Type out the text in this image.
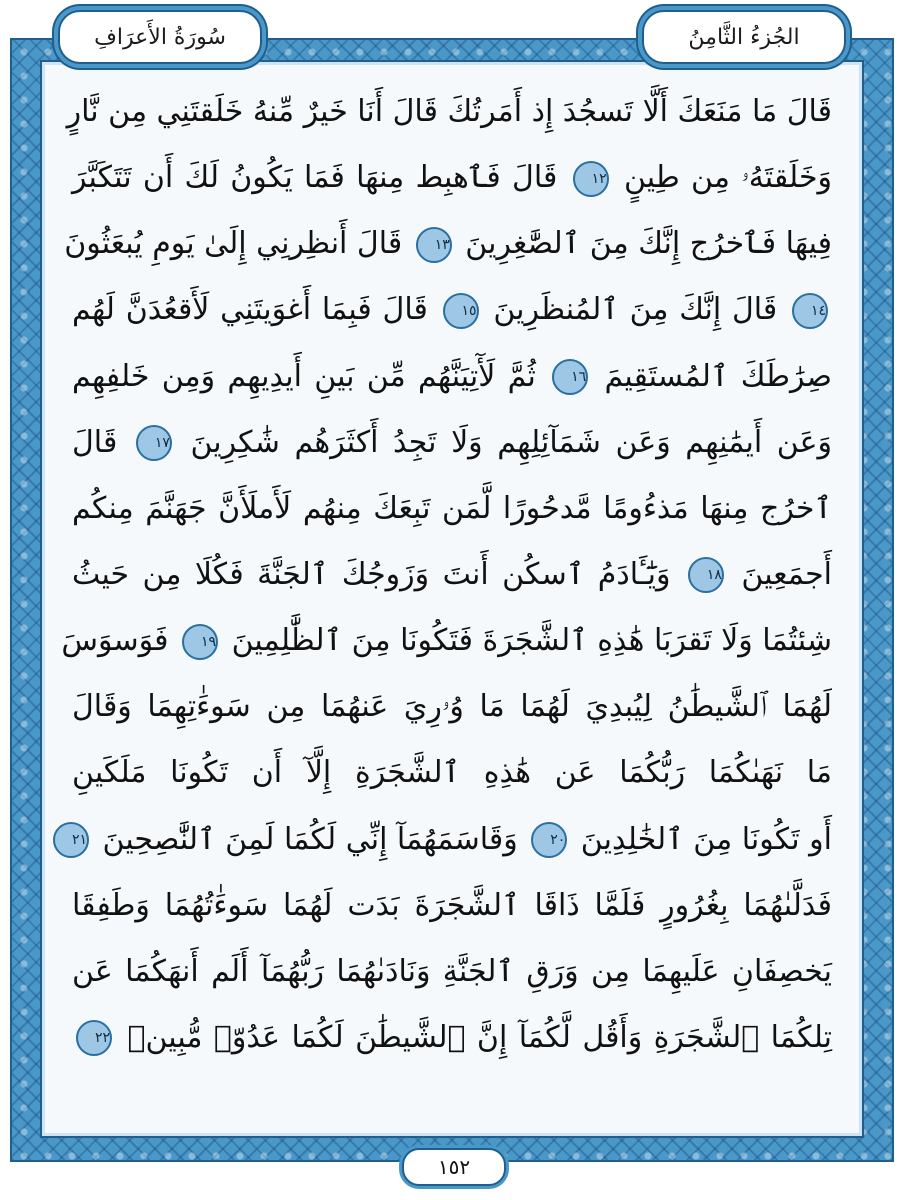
الجُزءُ الثَّامِنُ
سُورَةُ الأَعرَافِ
قَالَ مَا مَنَعَكَ أَلَّا تَسجُدَ إِذ أَمَرتُكَ قَالَ أَنَا خَيرٌ مِّنهُ خَلَقتَنِي مِن نَّارٍ
وَخَلَقتَهُۥ مِن طِينٍ ١٢ قَالَ فَٱهبِط مِنهَا فَمَا يَكُونُ لَكَ أَن تَتَكَبَّرَ
فِيهَا فَٱخرُج إِنَّكَ مِنَ ٱلصَّٰغِرِينَ ١٣ قَالَ أَنظِرنِي إِلَىٰ يَومِ يُبعَثُونَ
١٤ قَالَ إِنَّكَ مِنَ ٱلمُنظَرِينَ ١٥ قَالَ فَبِمَا أَغوَيتَنِي لَأَقعُدَنَّ لَهُم
صِرَٰطَكَ ٱلمُستَقِيمَ ١٦ ثُمَّ لَأٓتِيَنَّهُم مِّن بَينِ أَيدِيهِم وَمِن خَلفِهِم
وَعَن أَيمَٰنِهِم وَعَن شَمَآئِلِهِم وَلَا تَجِدُ أَكثَرَهُم شَٰكِرِينَ ١٧ قَالَ
ٱخرُج مِنهَا مَذءُومًا مَّدحُورًا لَّمَن تَبِعَكَ مِنهُم لَأَملَأَنَّ جَهَنَّمَ مِنكُم
أَجمَعِينَ ١٨ وَيَٰٓـَٔادَمُ ٱسكُن أَنتَ وَزَوجُكَ ٱلجَنَّةَ فَكُلَا مِن حَيثُ
شِئتُمَا وَلَا تَقرَبَا هَٰذِهِ ٱلشَّجَرَةَ فَتَكُونَا مِنَ ٱلظَّٰلِمِينَ ١٩ فَوَسوَسَ
لَهُمَا ٱلشَّيطَٰنُ لِيُبدِيَ لَهُمَا مَا وُۥرِيَ عَنهُمَا مِن سَوءَٰتِهِمَا وَقَالَ
مَا نَهَىٰكُمَا رَبُّكُمَا عَن هَٰذِهِ ٱلشَّجَرَةِ إِلَّآ أَن تَكُونَا مَلَكَينِ
أَو تَكُونَا مِنَ ٱلخَٰلِدِينَ ٢٠ وَقَاسَمَهُمَآ إِنِّي لَكُمَا لَمِنَ ٱلنَّٰصِحِينَ ٢١
فَدَلَّىٰهُمَا بِغُرُورٍ فَلَمَّا ذَاقَا ٱلشَّجَرَةَ بَدَت لَهُمَا سَوءَٰتُهُمَا وَطَفِقَا
يَخصِفَانِ عَلَيهِمَا مِن وَرَقِ ٱلجَنَّةِ وَنَادَىٰهُمَا رَبُّهُمَآ أَلَم أَنهَكُمَا عَن
تِلكُمَا ٱلشَّجَرَةِ وَأَقُل لَّكُمَآ إِنَّ ٱلشَّيطَٰنَ لَكُمَا عَدُوّٞ مُّبِينٞ ٢٢
١٥٢
